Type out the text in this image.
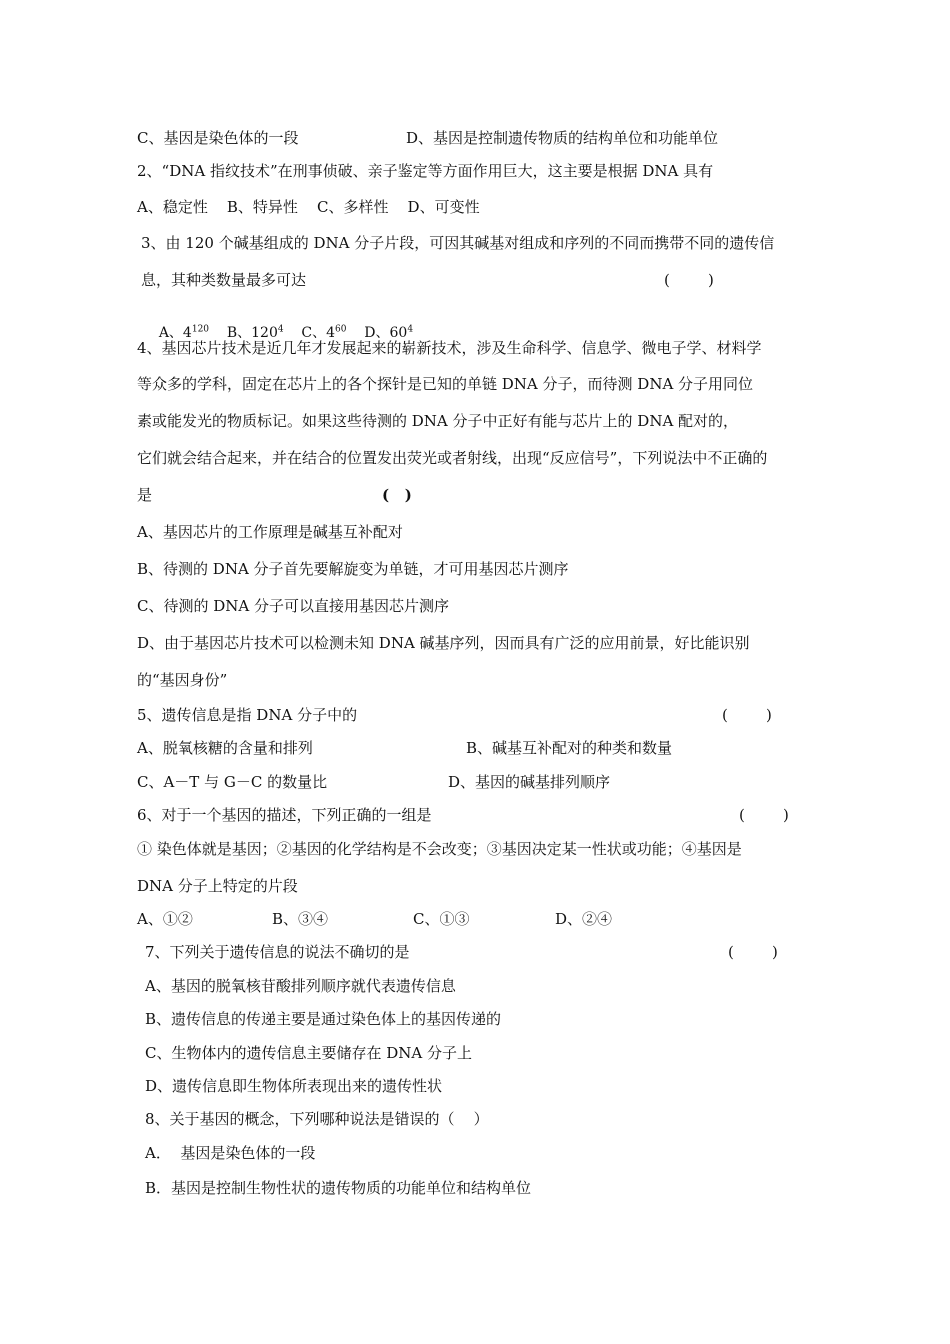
C、基因是染色体的一段	D、基因是控制遗传物质的结构单位和功能单位
2、“DNA 指纹技术”在刑事侦破、亲子鉴定等方面作用巨大，这主要是根据 DNA 具有
A、稳定性    B、特异性    C、多样性    D、可变性
3、由 120 个碱基组成的 DNA 分子片段，可因其碱基对组成和序列的不同而携带不同的遗传信
息，其种类数量最多可达	(        )

A、$4^{120}$ B、$120^4$ C、$4^{60}$ D、$60^4$

4、基因芯片技术是近几年才发展起来的崭新技术，涉及生命科学、信息学、微电子学、材料学
等众多的学科，固定在芯片上的各个探针是已知的单链 DNA 分子，而待测 DNA 分子用同位
素或能发光的物质标记。如果这些待测的 DNA 分子中正好有能与芯片上的 DNA 配对的，
它们就会结合起来，并在结合的位置发出荧光或者射线，出现“反应信号”，下列说法中不正确的
是	(   )
A、基因芯片的工作原理是碱基互补配对
B、待测的 DNA 分子首先要解旋变为单链，才可用基因芯片测序
C、待测的 DNA 分子可以直接用基因芯片测序
D、由于基因芯片技术可以检测未知 DNA 碱基序列，因而具有广泛的应用前景，好比能识别
的“基因身份”
5、遗传信息是指 DNA 分子中的	(        )
A、脱氧核糖的含量和排列	B、碱基互补配对的种类和数量
C、A－T 与 G－C 的数量比	D、基因的碱基排列顺序
6、对于一个基因的描述，下列正确的一组是	(        )
① 染色体就是基因；②基因的化学结构是不会改变；③基因决定某一性状或功能；④基因是
DNA 分子上特定的片段
A、①②	B、③④	C、①③	D、②④
7、下列关于遗传信息的说法不确切的是	(        )
A、基因的脱氧核苷酸排列顺序就代表遗传信息
B、遗传信息的传递主要是通过染色体上的基因传递的
C、生物体内的遗传信息主要储存在 DNA 分子上
D、遗传信息即生物体所表现出来的遗传性状
8、关于基因的概念，下列哪种说法是错误的（    ）
A．  基因是染色体的一段
B．基因是控制生物性状的遗传物质的功能单位和结构单位
